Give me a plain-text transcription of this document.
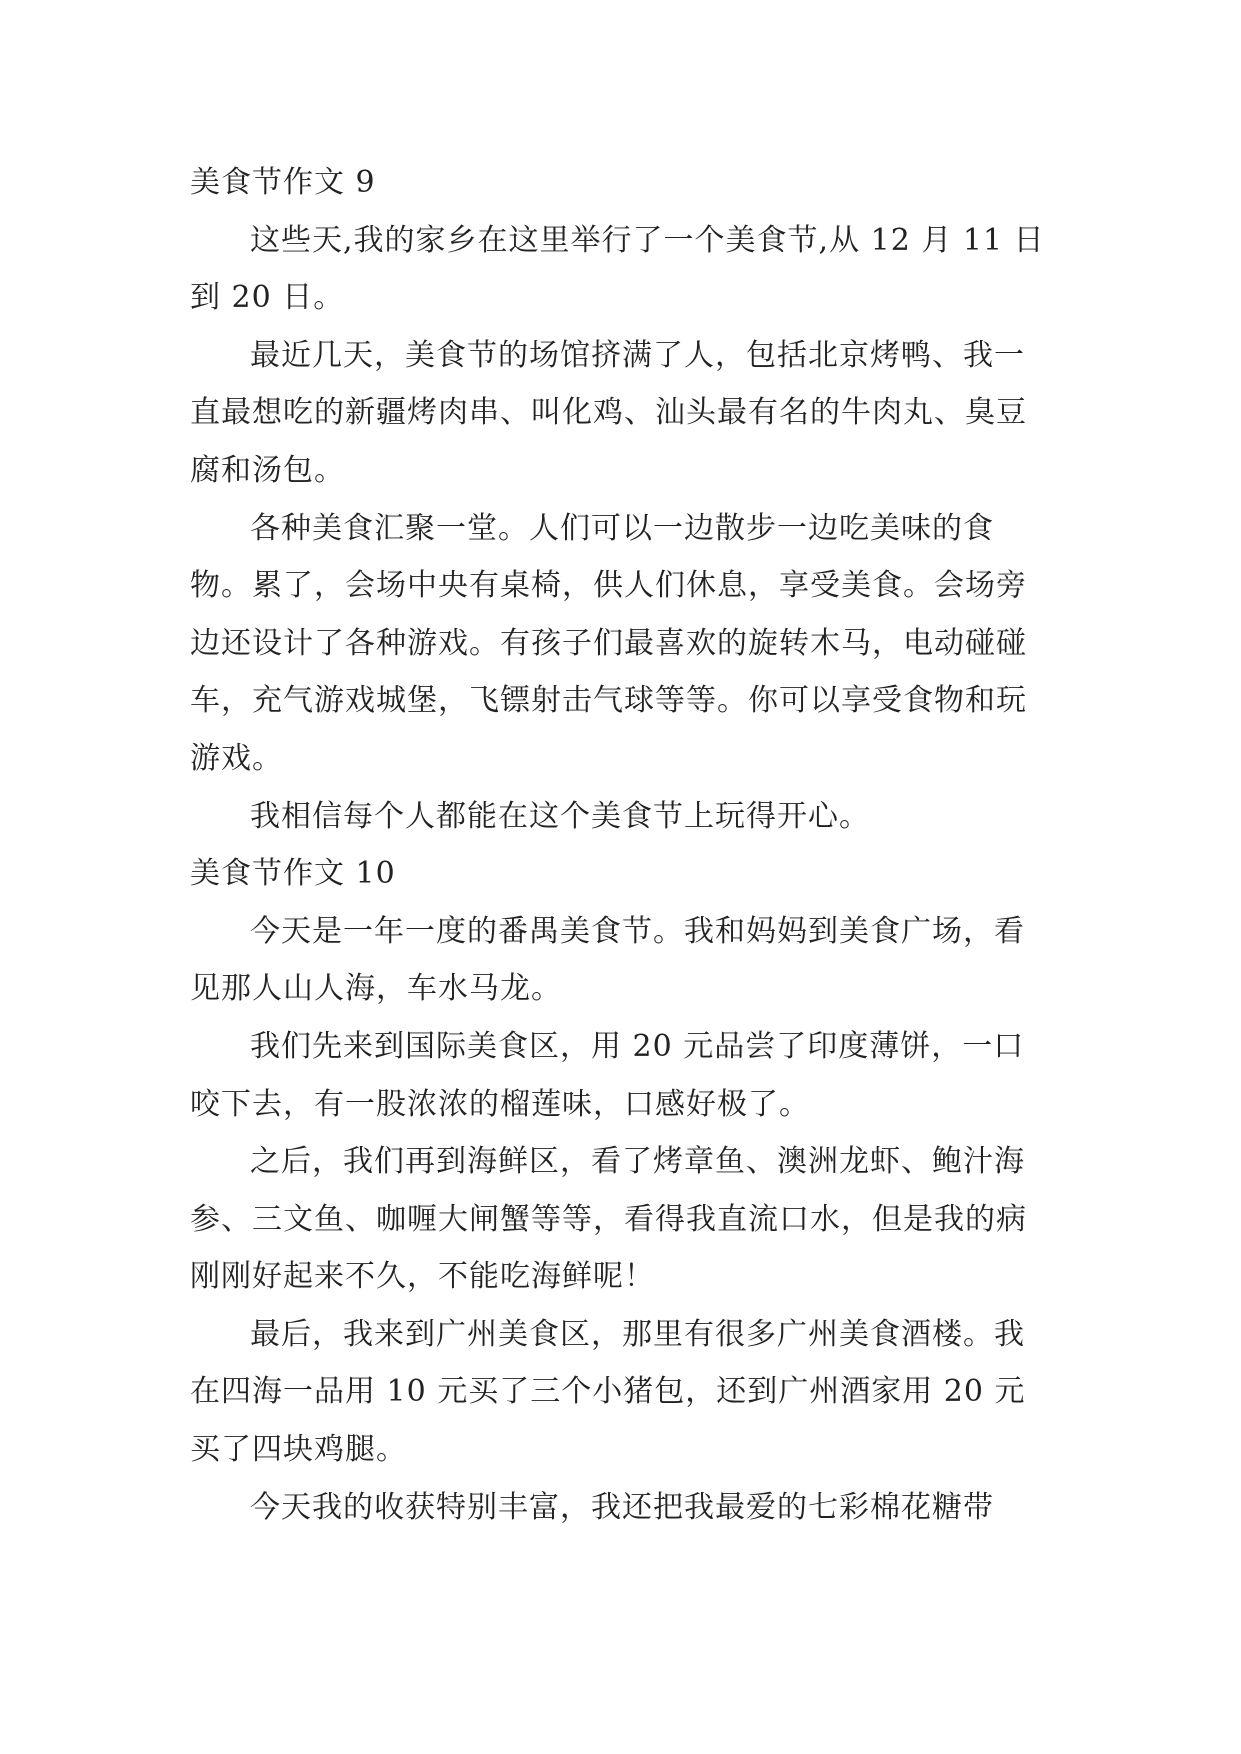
美食节作文 9

这些天,我的家乡在这里举行了一个美食节,从 12 月 11 日到 20 日。

最近几天，美食节的场馆挤满了人，包括北京烤鸭、我一直最想吃的新疆烤肉串、叫化鸡、汕头最有名的牛肉丸、臭豆腐和汤包。

各种美食汇聚一堂。人们可以一边散步一边吃美味的食物。累了，会场中央有桌椅，供人们休息，享受美食。会场旁边还设计了各种游戏。有孩子们最喜欢的旋转木马，电动碰碰车，充气游戏城堡，飞镖射击气球等等。你可以享受食物和玩游戏。

我相信每个人都能在这个美食节上玩得开心。

美食节作文 10

今天是一年一度的番禺美食节。我和妈妈到美食广场，看见那人山人海，车水马龙。

我们先来到国际美食区，用 20 元品尝了印度薄饼，一口咬下去，有一股浓浓的榴莲味，口感好极了。

之后，我们再到海鲜区，看了烤章鱼、澳洲龙虾、鲍汁海参、三文鱼、咖喱大闸蟹等等，看得我直流口水，但是我的病刚刚好起来不久，不能吃海鲜呢！

最后，我来到广州美食区，那里有很多广州美食酒楼。我在四海一品用 10 元买了三个小猪包，还到广州酒家用 20 元买了四块鸡腿。

今天我的收获特别丰富，我还把我最爱的七彩棉花糖带
